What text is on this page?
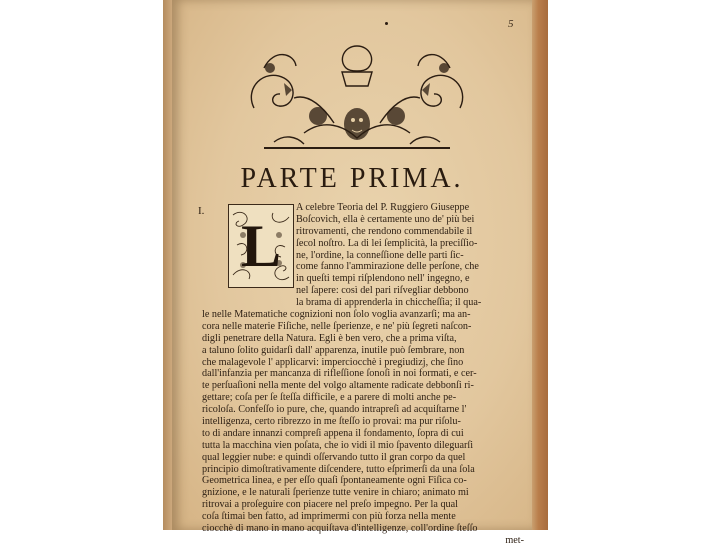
5
PARTE PRIMA.
I.
L
A celebre Teoria del P. Ruggiero Giuseppe
Boſcovich, ella è certamente uno de' più bei
ritrovamenti, che rendono commendabile il
ſecol noſtro. La di lei ſemplicità, la preciſſio-
ne, l'ordine, la conneſſione delle parti ſic-
come fanno l'ammirazione delle perſone, che
in queſti tempi riſplendono nell' ingegno, e
nel ſapere: così del pari riſvegliar debbono
la brama di apprenderla in chiccheſſia; il qua-
le nelle Matematiche cognizioni non ſolo voglia avanzarſi; ma an-
cora nelle materie Fiſiche, nelle ſperienze, e ne' più ſegreti naſcon-
digli penetrare della Natura. Egli è ben vero, che a prima viſta,
a taluno ſolito guidarſi dall' apparenza, inutile può ſembrare, non
che malagevole l' applicarvi: imperciocchè i pregiudizj, che ſino
dall'infanzia per mancanza di rifleſſione ſonoſi in noi formati, e cer-
te perſuaſioni nella mente del volgo altamente radicate debbonſi ri-
gettare; coſa per ſe ſteſſa difficile, e a parere di molti anche pe-
ricoloſa. Confeſſo io pure, che, quando intrapreſi ad acquiſtarne l'
intelligenza, certo ribrezzo in me ſteſſo io provai: ma pur riſolu-
to di andare innanzi compreſi appena il fondamento, ſopra di cui
tutta la macchina vien poſata, che io vidi il mio ſpavento dileguarſi
qual leggier nube: e quindi oſſervando tutto il gran corpo da quel
principio dimoſtrativamente diſcendere, tutto eſprimerſi da una ſola
Geometrica linea, e per eſſo quaſi ſpontaneamente ogni Fiſica co-
gnizione, e le naturali ſperienze tutte venire in chiaro; animato mi
ritrovai a proſeguire con piacere nel preſo impegno. Per la qual
coſa ſtimai ben fatto, ad imprimermi con più forza nella mente
ciocchè di mano in mano acquiſtava d'intelligenze, coll'ordine ſteſſo
met-
